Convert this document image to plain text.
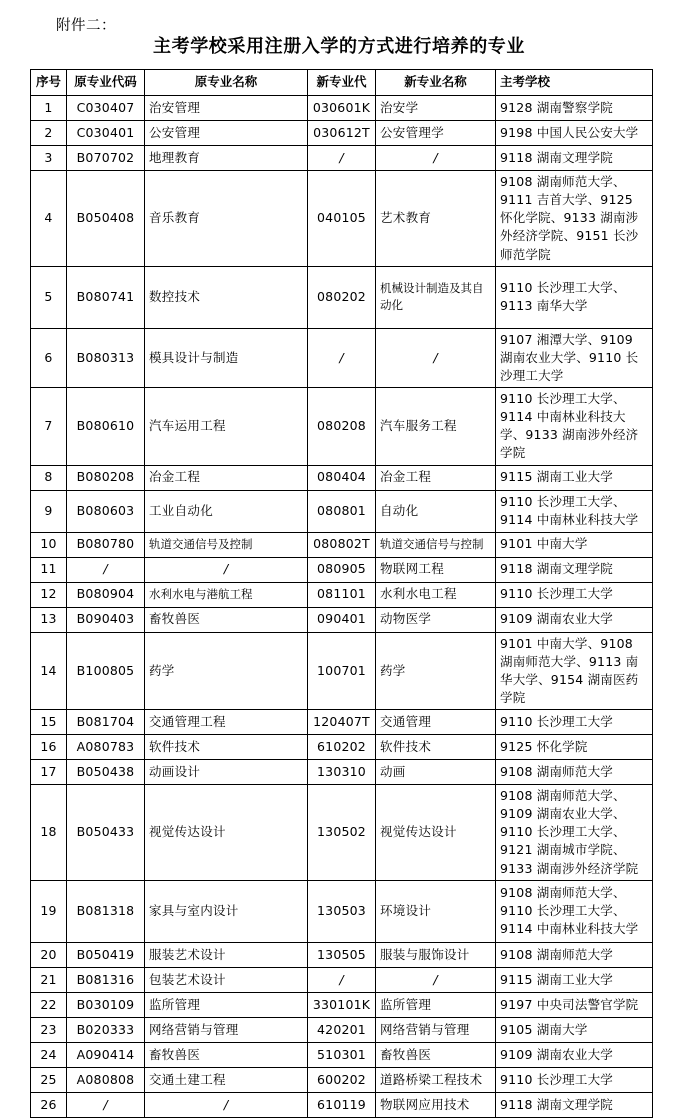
附件二：
主考学校采用注册入学的方式进行培养的专业
序号	原专业代码	原专业名称	新专业代	新专业名称	主考学校
1	C030407	治安管理	030601K	治安学	9128 湖南警察学院
2	C030401	公安管理	030612T	公安管理学	9198 中国人民公安大学
3	B070702	地理教育	/	/	9118 湖南文理学院
4	B050408	音乐教育	040105	艺术教育	9108 湖南师范大学、9111 吉首大学、9125 怀化学院、9133 湖南涉外经济学院、9151 长沙师范学院
5	B080741	数控技术	080202	机械设计制造及其自动化	9110 长沙理工大学、9113 南华大学
6	B080313	模具设计与制造	/	/	9107 湘潭大学、9109 湖南农业大学、9110 长沙理工大学
7	B080610	汽车运用工程	080208	汽车服务工程	9110 长沙理工大学、9114 中南林业科技大学、9133 湖南涉外经济学院
8	B080208	冶金工程	080404	冶金工程	9115 湖南工业大学
9	B080603	工业自动化	080801	自动化	9110 长沙理工大学、9114 中南林业科技大学
10	B080780	轨道交通信号及控制	080802T	轨道交通信号与控制	9101 中南大学
11	/	/	080905	物联网工程	9118 湖南文理学院
12	B080904	水利水电与港航工程	081101	水利水电工程	9110 长沙理工大学
13	B090403	畜牧兽医	090401	动物医学	9109 湖南农业大学
14	B100805	药学	100701	药学	9101 中南大学、9108 湖南师范大学、9113 南华大学、9154 湖南医药学院
15	B081704	交通管理工程	120407T	交通管理	9110 长沙理工大学
16	A080783	软件技术	610202	软件技术	9125 怀化学院
17	B050438	动画设计	130310	动画	9108 湖南师范大学
18	B050433	视觉传达设计	130502	视觉传达设计	9108 湖南师范大学、9109 湖南农业大学、9110 长沙理工大学、9121 湖南城市学院、9133 湖南涉外经济学院
19	B081318	家具与室内设计	130503	环境设计	9108 湖南师范大学、9110 长沙理工大学、9114 中南林业科技大学
20	B050419	服装艺术设计	130505	服装与服饰设计	9108 湖南师范大学
21	B081316	包装艺术设计	/	/	9115 湖南工业大学
22	B030109	监所管理	330101K	监所管理	9197 中央司法警官学院
23	B020333	网络营销与管理	420201	网络营销与管理	9105 湖南大学
24	A090414	畜牧兽医	510301	畜牧兽医	9109 湖南农业大学
25	A080808	交通土建工程	600202	道路桥梁工程技术	9110 长沙理工大学
26	/	/	610119	物联网应用技术	9118 湖南文理学院
